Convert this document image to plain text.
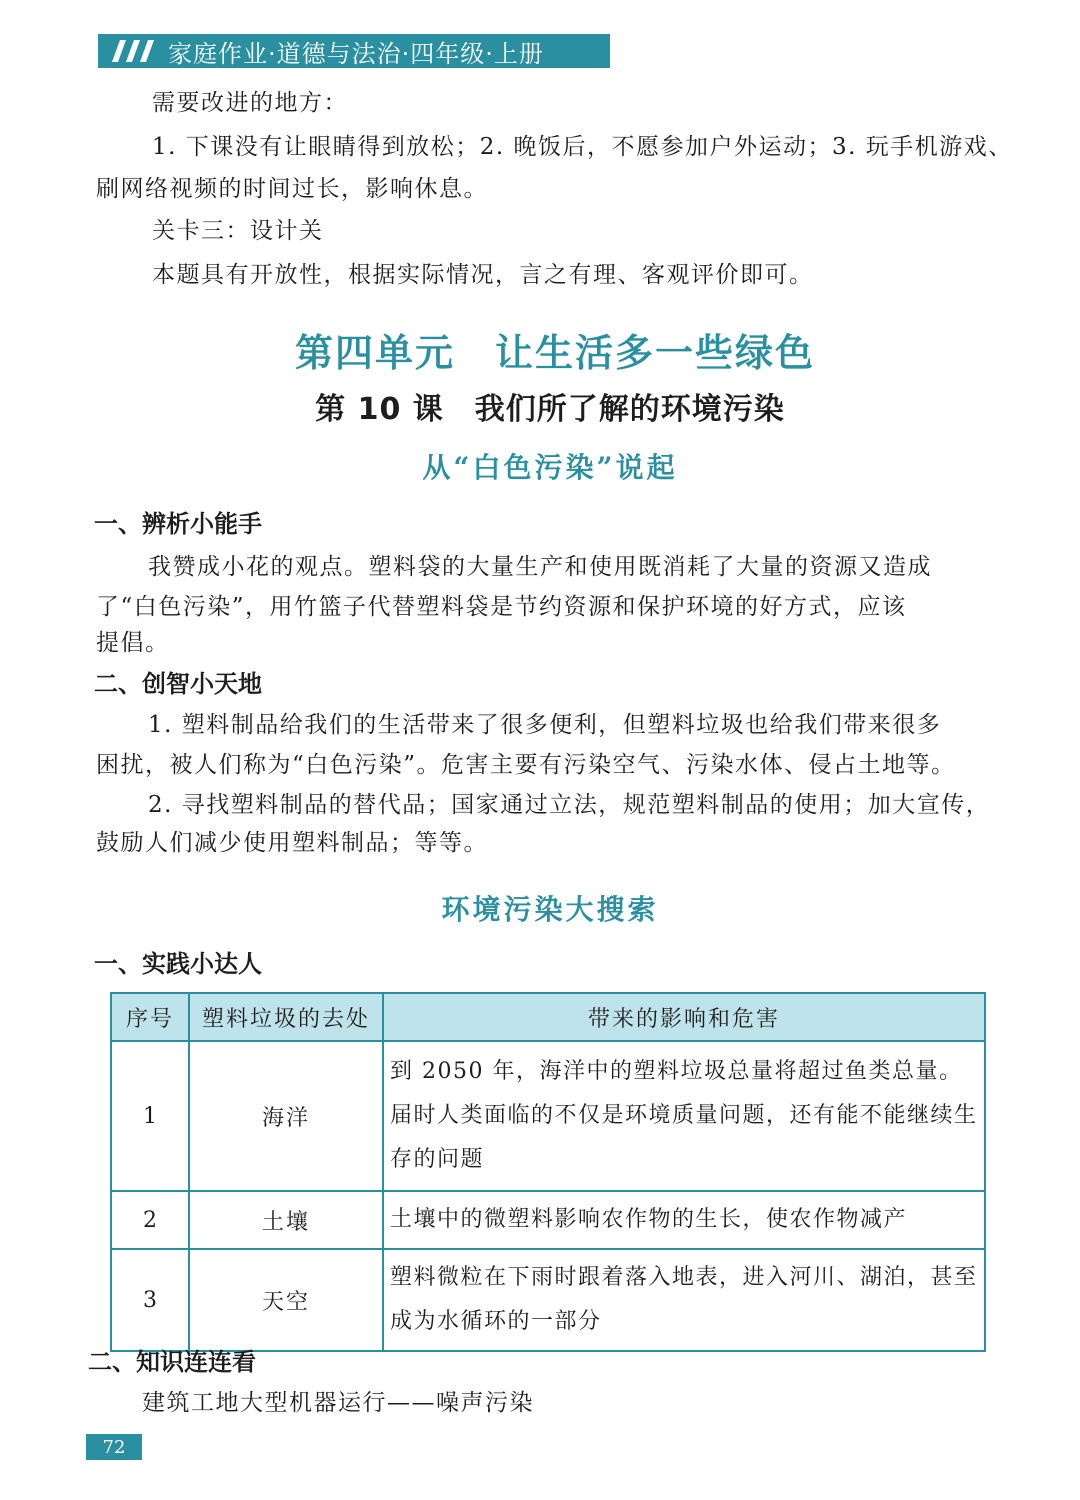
家庭作业·道德与法治·四年级·上册
需要改进的地方：
1. 下课没有让眼睛得到放松；2. 晚饭后，不愿参加户外运动；3. 玩手机游戏、
刷网络视频的时间过长，影响休息。
关卡三：设计关
本题具有开放性，根据实际情况，言之有理、客观评价即可。
第四单元　让生活多一些绿色
第 10 课　我们所了解的环境污染
从“白色污染”说起
一、辨析小能手
我赞成小花的观点。塑料袋的大量生产和使用既消耗了大量的资源又造成
了“白色污染”，用竹篮子代替塑料袋是节约资源和保护环境的好方式，应该
提倡。
二、创智小天地
1. 塑料制品给我们的生活带来了很多便利，但塑料垃圾也给我们带来很多
困扰，被人们称为“白色污染”。危害主要有污染空气、污染水体、侵占土地等。
2. 寻找塑料制品的替代品；国家通过立法，规范塑料制品的使用；加大宣传，
鼓励人们减少使用塑料制品；等等。
环境污染大搜索
一、实践小达人
序号	塑料垃圾的去处	带来的影响和危害
1	海洋	到 2050 年，海洋中的塑料垃圾总量将超过鱼类总量。届时人类面临的不仅是环境质量问题，还有能不能继续生存的问题
2	土壤	土壤中的微塑料影响农作物的生长，使农作物减产
3	天空	塑料微粒在下雨时跟着落入地表，进入河川、湖泊，甚至成为水循环的一部分
二、知识连连看
建筑工地大型机器运行——噪声污染
72
